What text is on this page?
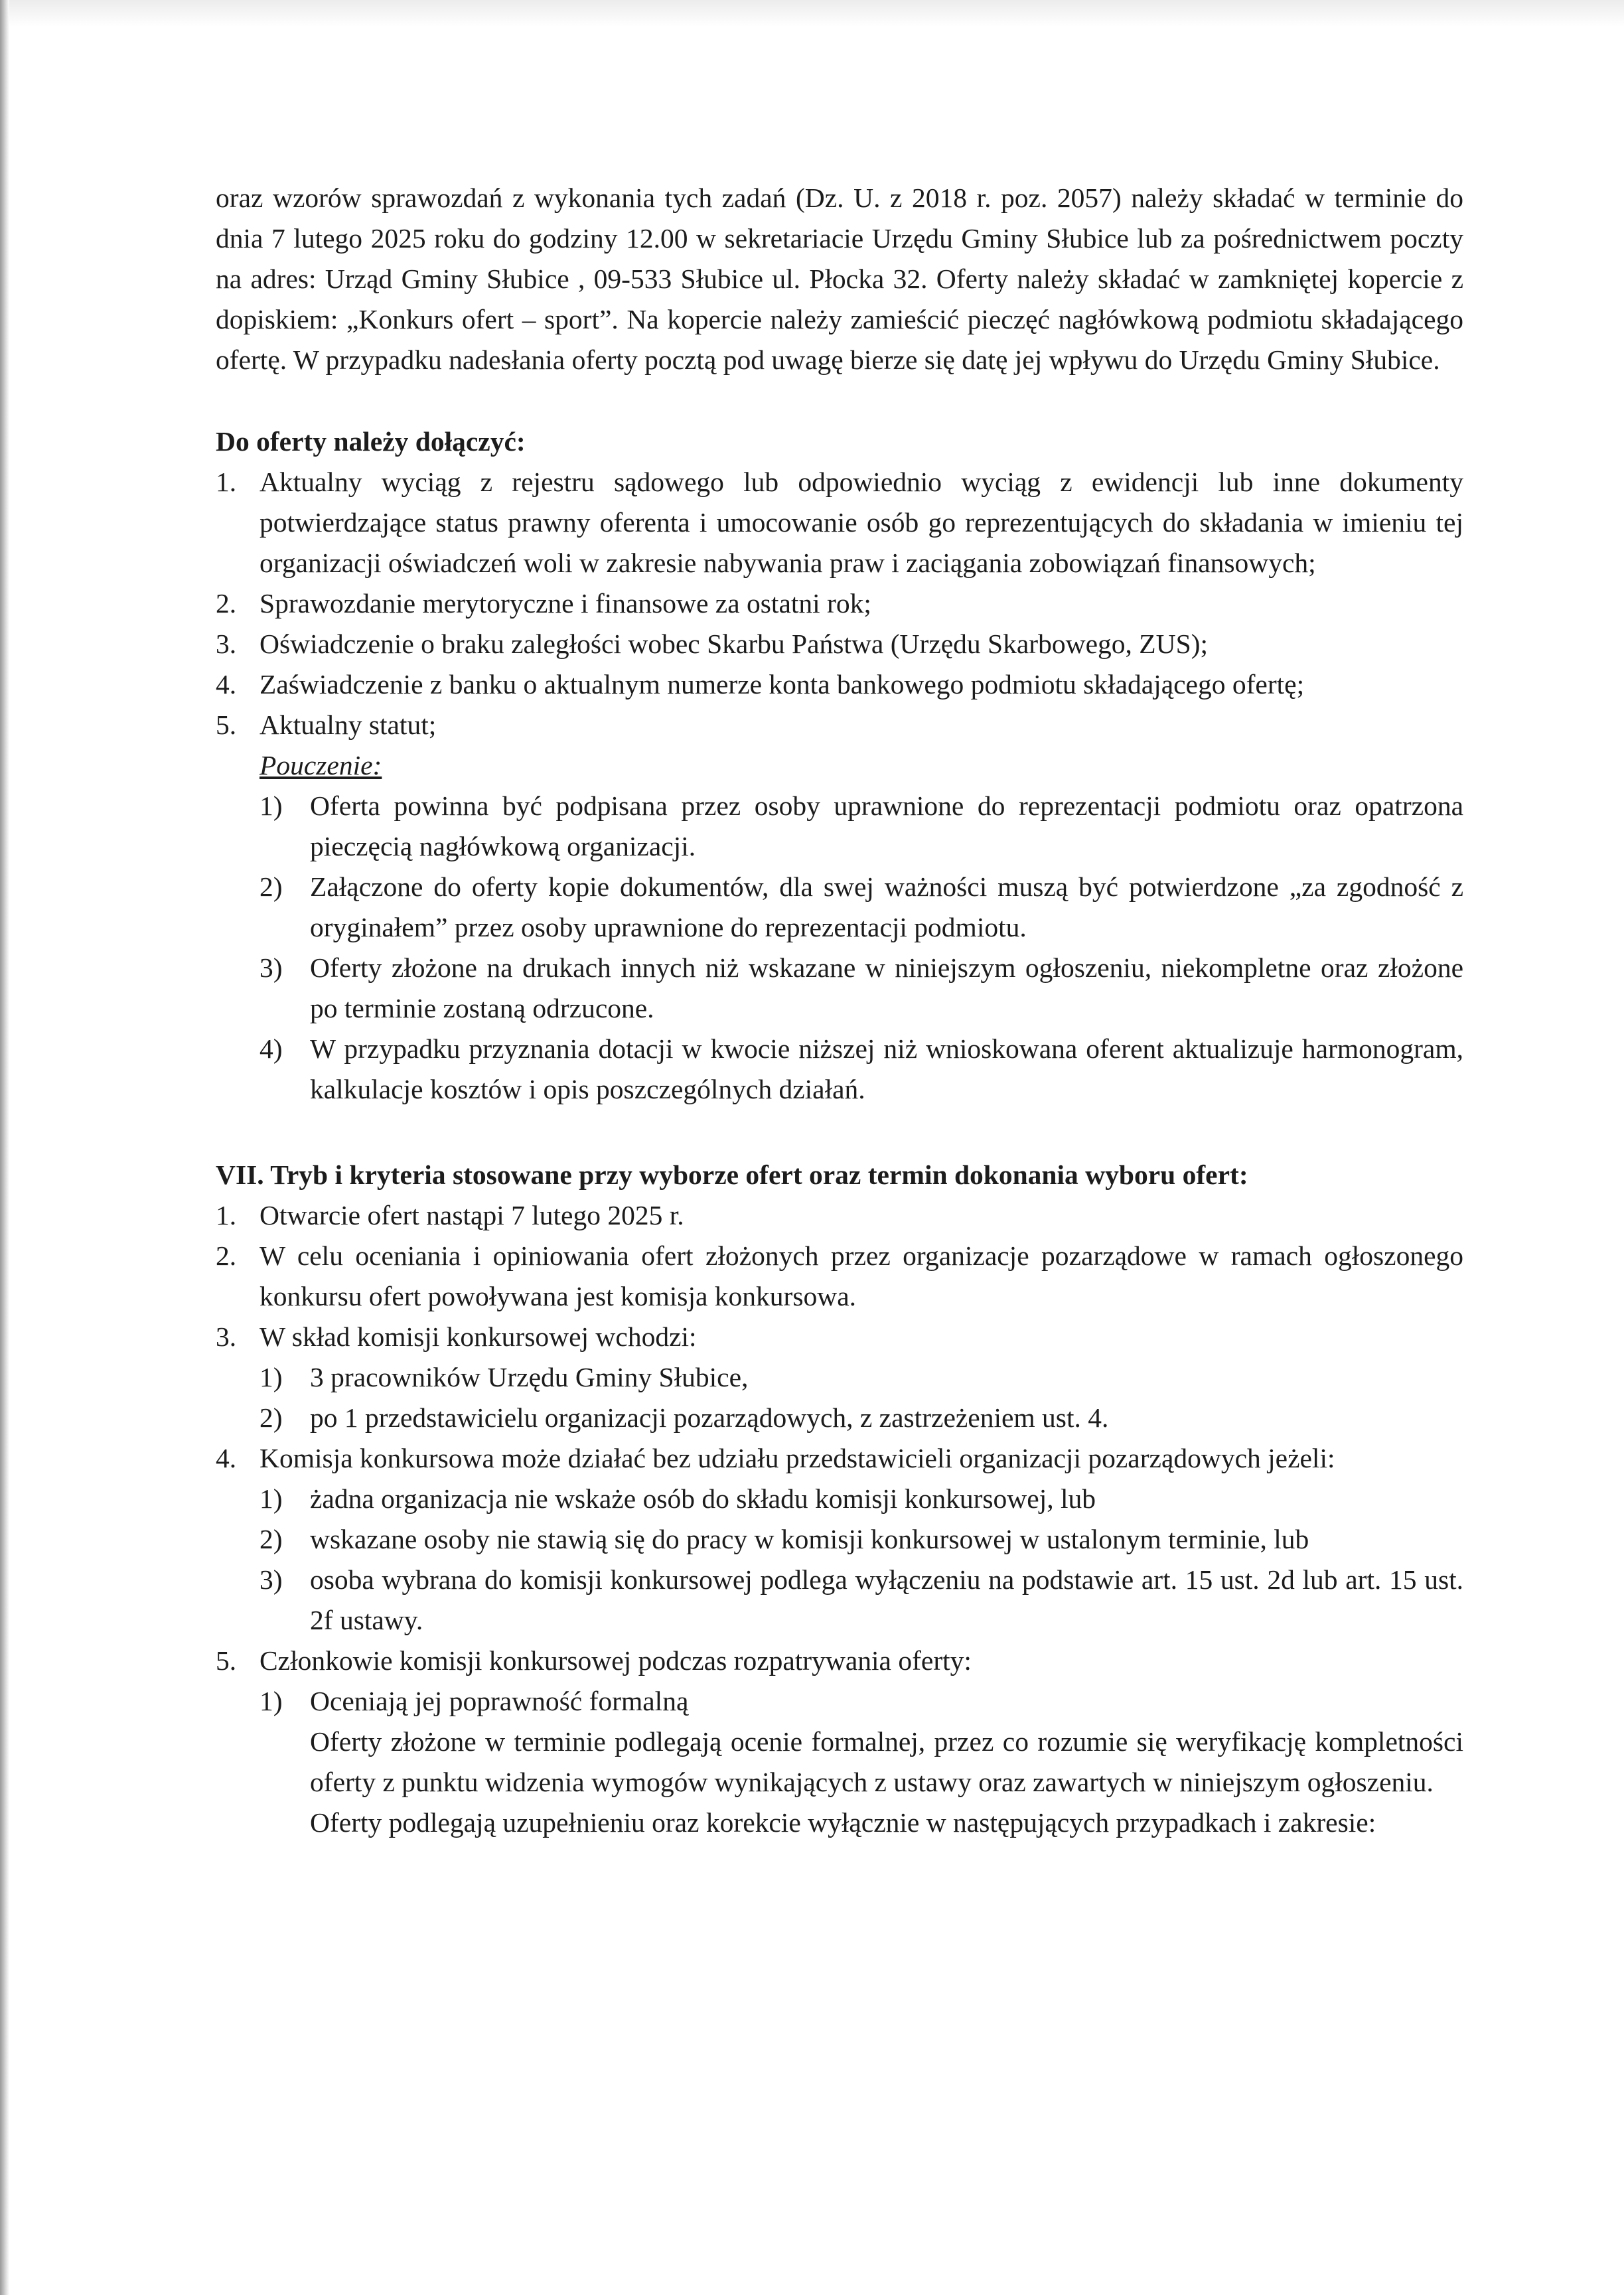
oraz wzorów sprawozdań z wykonania tych zadań (Dz. U. z 2018 r. poz. 2057) należy składać w terminie do dnia 7 lutego 2025 roku do godziny 12.00 w sekretariacie Urzędu Gminy Słubice lub za pośrednictwem poczty na adres: Urząd Gminy Słubice , 09-533 Słubice ul. Płocka 32. Oferty należy składać w zamkniętej kopercie z dopiskiem: „Konkurs ofert – sport”. Na kopercie należy zamieścić pieczęć nagłówkową podmiotu składającego ofertę. W przypadku nadesłania oferty pocztą pod uwagę bierze się datę jej wpływu do Urzędu Gminy Słubice.

Do oferty należy dołączyć:

1. Aktualny wyciąg z rejestru sądowego lub odpowiednio wyciąg z ewidencji lub inne dokumenty potwierdzające status prawny oferenta i umocowanie osób go reprezentujących do składania w imieniu tej organizacji oświadczeń woli w zakresie nabywania praw i zaciągania zobowiązań finansowych;
2. Sprawozdanie merytoryczne i finansowe za ostatni rok;
3. Oświadczenie o braku zaległości wobec Skarbu Państwa (Urzędu Skarbowego, ZUS);
4. Zaświadczenie z banku o aktualnym numerze konta bankowego podmiotu składającego ofertę;
5. Aktualny statut;
Pouczenie:
1) Oferta powinna być podpisana przez osoby uprawnione do reprezentacji podmiotu oraz opatrzona pieczęcią nagłówkową organizacji.
2) Załączone do oferty kopie dokumentów, dla swej ważności muszą być potwierdzone „za zgodność z oryginałem” przez osoby uprawnione do reprezentacji podmiotu.
3) Oferty złożone na drukach innych niż wskazane w niniejszym ogłoszeniu, niekompletne oraz złożone po terminie zostaną odrzucone.
4) W przypadku przyznania dotacji w kwocie niższej niż wnioskowana oferent aktualizuje harmonogram, kalkulacje kosztów i opis poszczególnych działań.

VII. Tryb i kryteria stosowane przy wyborze ofert oraz termin dokonania wyboru ofert:

1. Otwarcie ofert nastąpi 7 lutego 2025 r.
2. W celu oceniania i opiniowania ofert złożonych przez organizacje pozarządowe w ramach ogłoszonego konkursu ofert powoływana jest komisja konkursowa.
3. W skład komisji konkursowej wchodzi:
1) 3 pracowników Urzędu Gminy Słubice,
2) po 1 przedstawicielu organizacji pozarządowych, z zastrzeżeniem ust. 4.
4. Komisja konkursowa może działać bez udziału przedstawicieli organizacji pozarządowych jeżeli:
1) żadna organizacja nie wskaże osób do składu komisji konkursowej, lub
2) wskazane osoby nie stawią się do pracy w komisji konkursowej w ustalonym terminie, lub
3) osoba wybrana do komisji konkursowej podlega wyłączeniu na podstawie art. 15 ust. 2d lub art. 15 ust. 2f ustawy.
5. Członkowie komisji konkursowej podczas rozpatrywania oferty:
1) Oceniają jej poprawność formalną

Oferty złożone w terminie podlegają ocenie formalnej, przez co rozumie się weryfikację kompletności oferty z punktu widzenia wymogów wynikających z ustawy oraz zawartych w niniejszym ogłoszeniu.

Oferty podlegają uzupełnieniu oraz korekcie wyłącznie w następujących przypadkach i zakresie:
